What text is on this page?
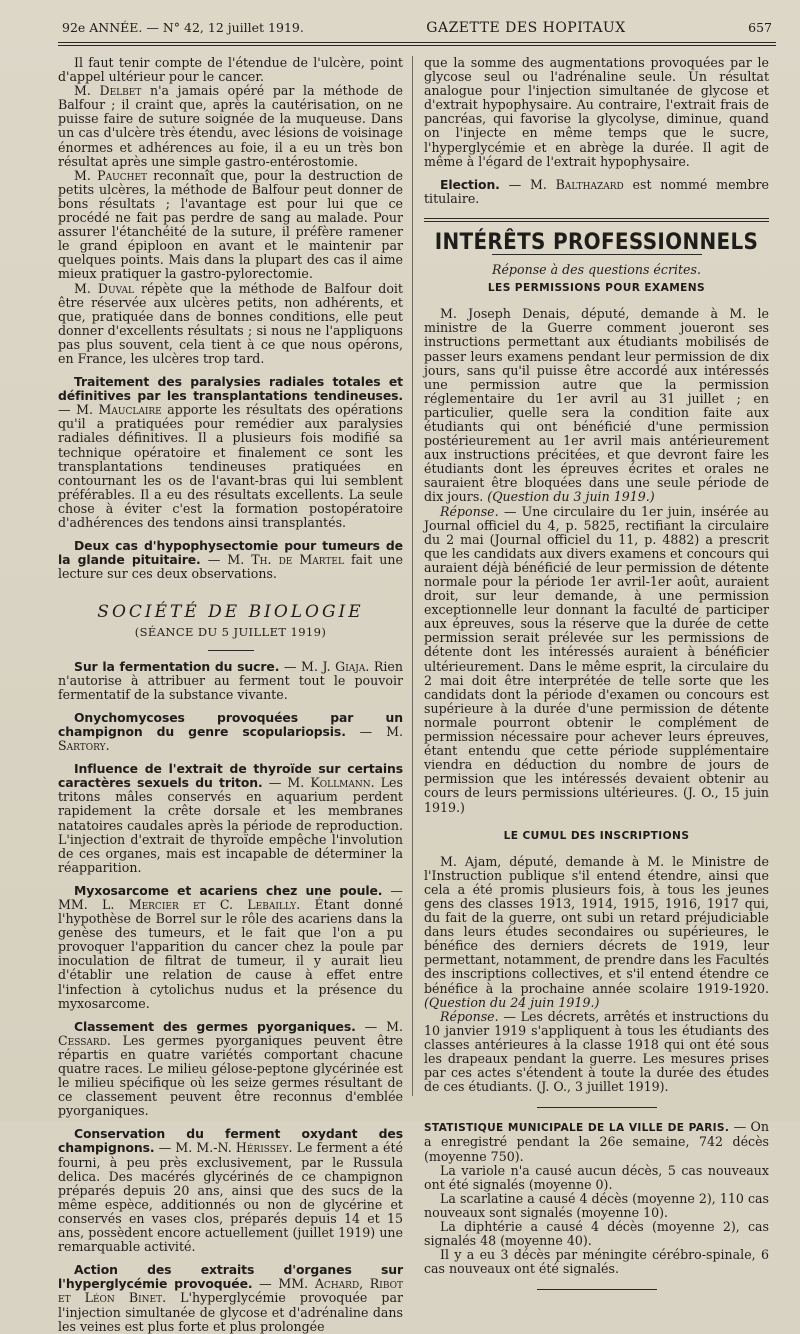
92e ANNÉE. — N° 42, 12 juillet 1919.	GAZETTE DES HOPITAUX	657

Il faut tenir compte de l'étendue de l'ulcère, point d'appel ultérieur pour le cancer.

M. Delbet n'a jamais opéré par la méthode de Balfour ; il craint que, après la cautérisation, on ne puisse faire de suture soignée de la muqueuse. Dans un cas d'ulcère très étendu, avec lésions de voisinage énormes et adhérences au foie, il a eu un très bon résultat après une simple gastro-entérostomie.

M. Pauchet reconnaît que, pour la destruction de petits ulcères, la méthode de Balfour peut donner de bons résultats ; l'avantage est pour lui que ce procédé ne fait pas perdre de sang au malade. Pour assurer l'étanchéité de la suture, il préfère ramener le grand épiploon en avant et le maintenir par quelques points. Mais dans la plupart des cas il aime mieux pratiquer la gastro-pylorectomie.

M. Duval répète que la méthode de Balfour doit être réservée aux ulcères petits, non adhérents, et que, pratiquée dans de bonnes conditions, elle peut donner d'excellents résultats ; si nous ne l'appliquons pas plus souvent, cela tient à ce que nous opérons, en France, les ulcères trop tard.

Traitement des paralysies radiales totales et définitives par les transplantations tendineuses. — M. Mauclaire apporte les résultats des opérations qu'il a pratiquées pour remédier aux paralysies radiales définitives. Il a plusieurs fois modifié sa technique opératoire et finalement ce sont les transplantations tendineuses pratiquées en contournant les os de l'avant-bras qui lui semblent préférables. Il a eu des résultats excellents. La seule chose à éviter c'est la formation postopératoire d'adhérences des tendons ainsi transplantés.

Deux cas d'hypophysectomie pour tumeurs de la glande pituitaire. — M. Th. de Martel fait une lecture sur ces deux observations.

SOCIÉTÉ DE BIOLOGIE
(SÉANCE DU 5 JUILLET 1919)

Sur la fermentation du sucre. — M. J. Giaja. Rien n'autorise à attribuer au ferment tout le pouvoir fermentatif de la substance vivante.

Onychomycoses provoquées par un champignon du genre scopulariopsis. — M. Sartory.

Influence de l'extrait de thyroïde sur certains caractères sexuels du triton. — M. Kollmann. Les tritons mâles conservés en aquarium perdent rapidement la crête dorsale et les membranes natatoires caudales après la période de reproduction. L'injection d'extrait de thyroïde empêche l'involution de ces organes, mais est incapable de déterminer la réapparition.

Myxosarcome et acariens chez une poule. — MM. L. Mercier et C. Lebailly. Étant donné l'hypothèse de Borrel sur le rôle des acariens dans la genèse des tumeurs, et le fait que l'on a pu provoquer l'apparition du cancer chez la poule par inoculation de filtrat de tumeur, il y aurait lieu d'établir une relation de cause à effet entre l'infection à cytolichus nudus et la présence du myxosarcome.

Classement des germes pyorganiques. — M. Cessard. Les germes pyorganiques peuvent être répartis en quatre variétés comportant chacune quatre races. Le milieu gélose-peptone glycérinée est le milieu spécifique où les seize germes résultant de ce classement peuvent être reconnus d'emblée pyorganiques.

Conservation du ferment oxydant des champignons. — M. M.-N. Hérissey. Le ferment a été fourni, à peu près exclusivement, par le Russula delica. Des macérés glycérinés de ce champignon préparés depuis 20 ans, ainsi que des sucs de la même espèce, additionnés ou non de glycérine et conservés en vases clos, préparés depuis 14 et 15 ans, possèdent encore actuellement (juillet 1919) une remarquable activité.

Action des extraits d'organes sur l'hyperglycémie provoquée. — MM. Achard, Ribot et Léon Binet. L'hyperglycémie provoquée par l'injection simultanée de glycose et d'adrénaline dans les veines est plus forte et plus prolongée

que la somme des augmentations provoquées par le glycose seul ou l'adrénaline seule. Un résultat analogue pour l'injection simultanée de glycose et d'extrait hypophysaire. Au contraire, l'extrait frais de pancréas, qui favorise la glycolyse, diminue, quand on l'injecte en même temps que le sucre, l'hyperglycémie et en abrège la durée. Il agit de même à l'égard de l'extrait hypophysaire.

Election. — M. Balthazard est nommé membre titulaire.

INTÉRÊTS PROFESSIONNELS
Réponse à des questions écrites.
LES PERMISSIONS POUR EXAMENS

M. Joseph Denais, député, demande à M. le ministre de la Guerre comment joueront ses instructions permettant aux étudiants mobilisés de passer leurs examens pendant leur permission de dix jours, sans qu'il puisse être accordé aux intéressés une permission autre que la permission réglementaire du 1er avril au 31 juillet ; en particulier, quelle sera la condition faite aux étudiants qui ont bénéficié d'une permission postérieurement au 1er avril mais antérieurement aux instructions précitées, et que devront faire les étudiants dont les épreuves écrites et orales ne sauraient être bloquées dans une seule période de dix jours. (Question du 3 juin 1919.)

Réponse. — Une circulaire du 1er juin, insérée au Journal officiel du 4, p. 5825, rectifiant la circulaire du 2 mai (Journal officiel du 11, p. 4882) a prescrit que les candidats aux divers examens et concours qui auraient déjà bénéficié de leur permission de détente normale pour la période 1er avril-1er août, auraient droit, sur leur demande, à une permission exceptionnelle leur donnant la faculté de participer aux épreuves, sous la réserve que la durée de cette permission serait prélevée sur les permissions de détente dont les intéressés auraient à bénéficier ultérieurement. Dans le même esprit, la circulaire du 2 mai doit être interprétée de telle sorte que les candidats dont la période d'examen ou concours est supérieure à la durée d'une permission de détente normale pourront obtenir le complément de permission nécessaire pour achever leurs épreuves, étant entendu que cette période supplémentaire viendra en déduction du nombre de jours de permission que les intéressés devaient obtenir au cours de leurs permissions ultérieures. (J. O., 15 juin 1919.)

LE CUMUL DES INSCRIPTIONS

M. Ajam, député, demande à M. le Ministre de l'Instruction publique s'il entend étendre, ainsi que cela a été promis plusieurs fois, à tous les jeunes gens des classes 1913, 1914, 1915, 1916, 1917 qui, du fait de la guerre, ont subi un retard préjudiciable dans leurs études secondaires ou supérieures, le bénéfice des derniers décrets de 1919, leur permettant, notamment, de prendre dans les Facultés des inscriptions collectives, et s'il entend étendre ce bénéfice à la prochaine année scolaire 1919-1920. (Question du 24 juin 1919.)

Réponse. — Les décrets, arrêtés et instructions du 10 janvier 1919 s'appliquent à tous les étudiants des classes antérieures à la classe 1918 qui ont été sous les drapeaux pendant la guerre. Les mesures prises par ces actes s'étendent à toute la durée des études de ces étudiants. (J. O., 3 juillet 1919).

STATISTIQUE MUNICIPALE DE LA VILLE DE PARIS. — On a enregistré pendant la 26e semaine, 742 décès (moyenne 750).

La variole n'a causé aucun décès, 5 cas nouveaux ont été signalés (moyenne 0).

La scarlatine a causé 4 décès (moyenne 2), 110 cas nouveaux sont signalés (moyenne 10).

La diphtérie a causé 4 décès (moyenne 2), cas signalés 48 (moyenne 40).

Il y a eu 3 décès par méningite cérébro-spinale, 6 cas nouveaux ont été signalés.
